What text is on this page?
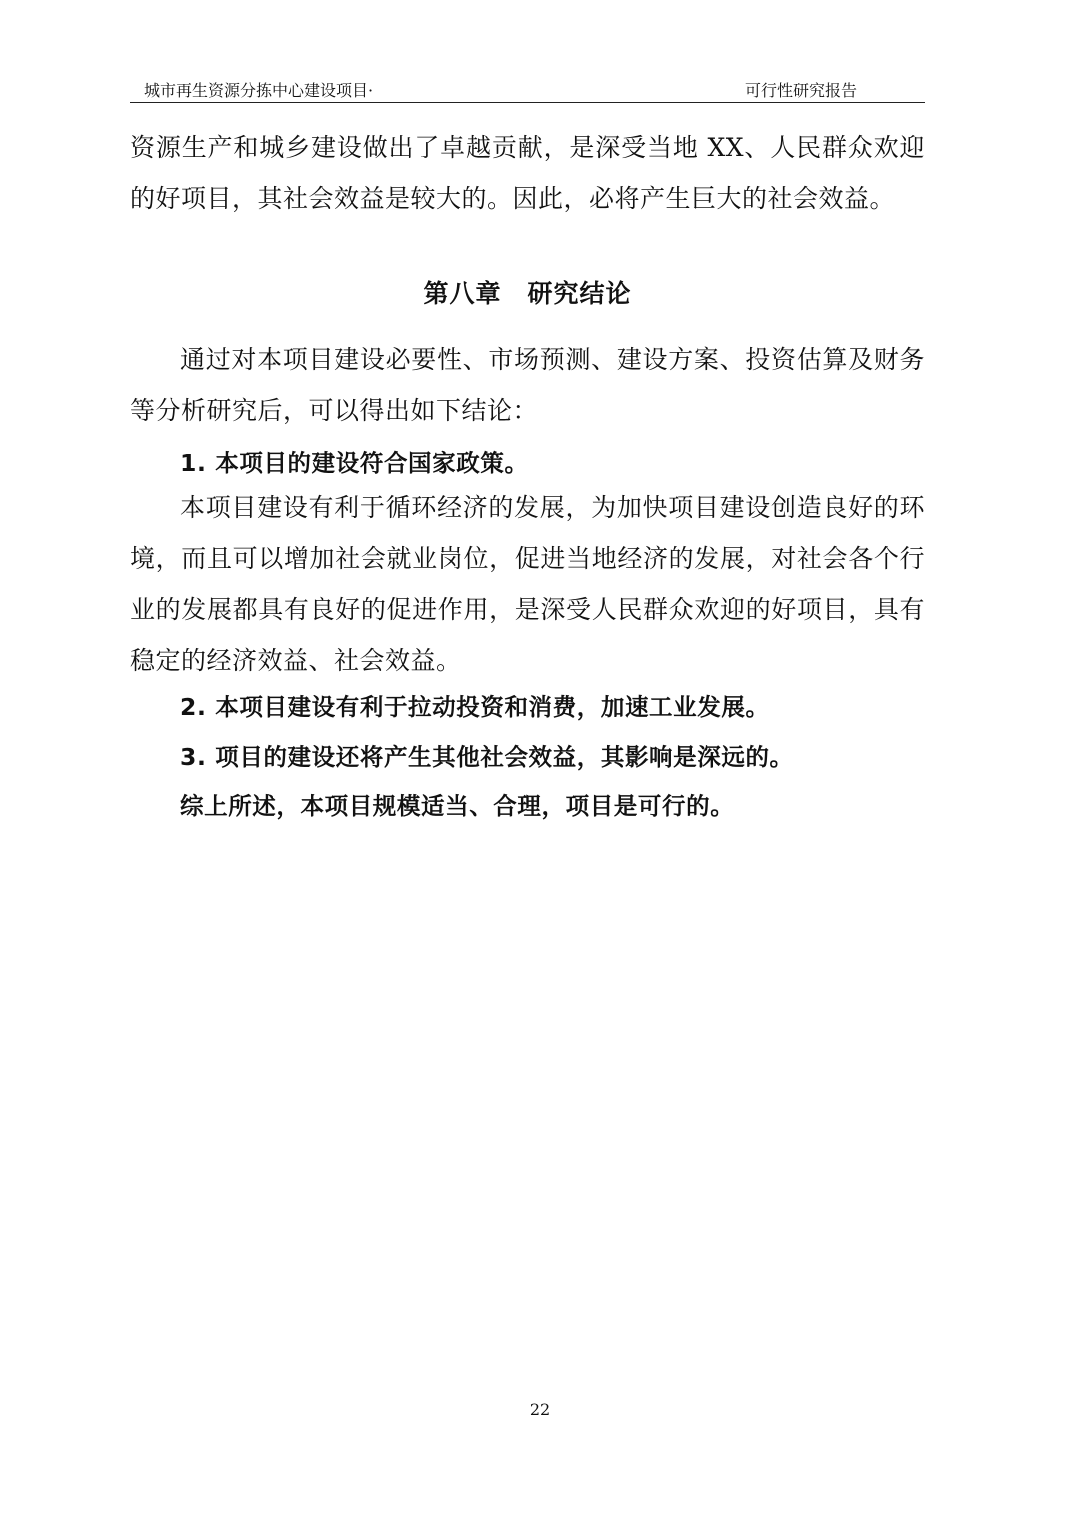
城市再生资源分拣中心建设项目·	可行性研究报告
资源生产和城乡建设做出了卓越贡献，是深受当地 XX、人民群众欢迎的好项目，其社会效益是较大的。因此，必将产生巨大的社会效益。
第八章 研究结论
通过对本项目建设必要性、市场预测、建设方案、投资估算及财务等分析研究后，可以得出如下结论：
1. 本项目的建设符合国家政策。
本项目建设有利于循环经济的发展，为加快项目建设创造良好的环境，而且可以增加社会就业岗位，促进当地经济的发展，对社会各个行业的发展都具有良好的促进作用，是深受人民群众欢迎的好项目，具有稳定的经济效益、社会效益。
2. 本项目建设有利于拉动投资和消费，加速工业发展。
3. 项目的建设还将产生其他社会效益，其影响是深远的。
综上所述，本项目规模适当、合理，项目是可行的。
22
